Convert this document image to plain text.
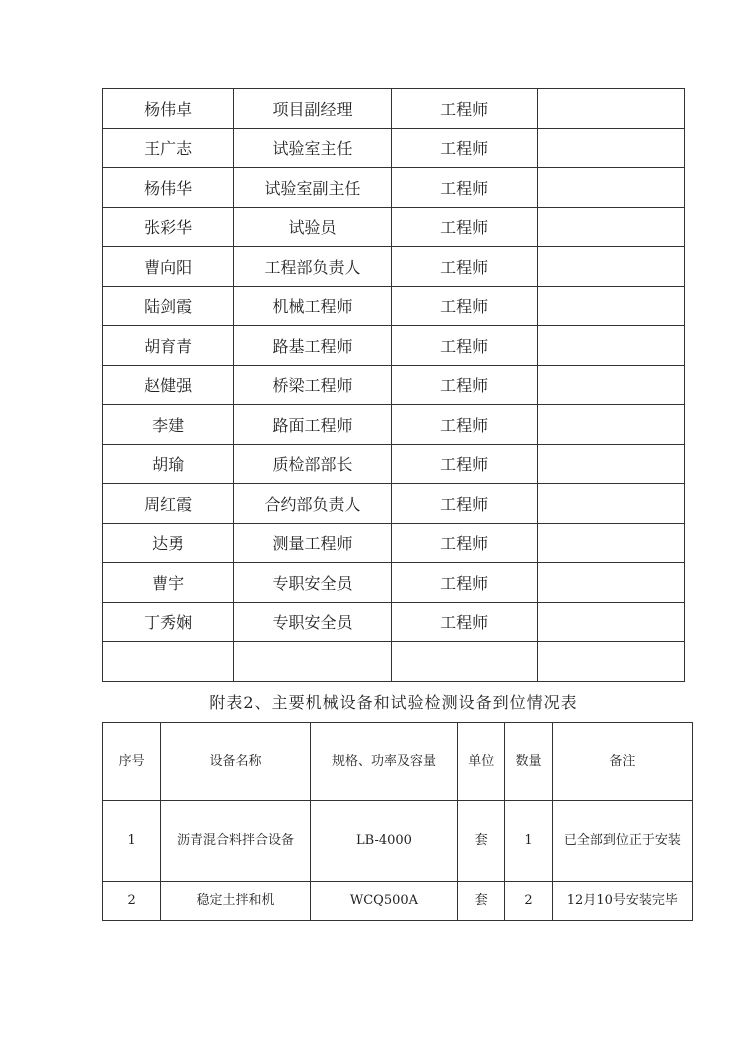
杨伟卓	项目副经理	工程师	
王广志	试验室主任	工程师	
杨伟华	试验室副主任	工程师	
张彩华	试验员	工程师	
曹向阳	工程部负责人	工程师	
陆剑霞	机械工程师	工程师	
胡育青	路基工程师	工程师	
赵健强	桥梁工程师	工程师	
李建	路面工程师	工程师	
胡瑜	质检部部长	工程师	
周红霞	合约部负责人	工程师	
达勇	测量工程师	工程师	
曹宇	专职安全员	工程师	
丁秀娴	专职安全员	工程师	

附表2、主要机械设备和试验检测设备到位情况表
序号	设备名称	规格、功率及容量	单位	数量	备注
1	沥青混合料拌合设备	LB-4000	套	1	已全部到位正于安装
2	稳定土拌和机	WCQ500A	套	2	12月10号安装完毕
